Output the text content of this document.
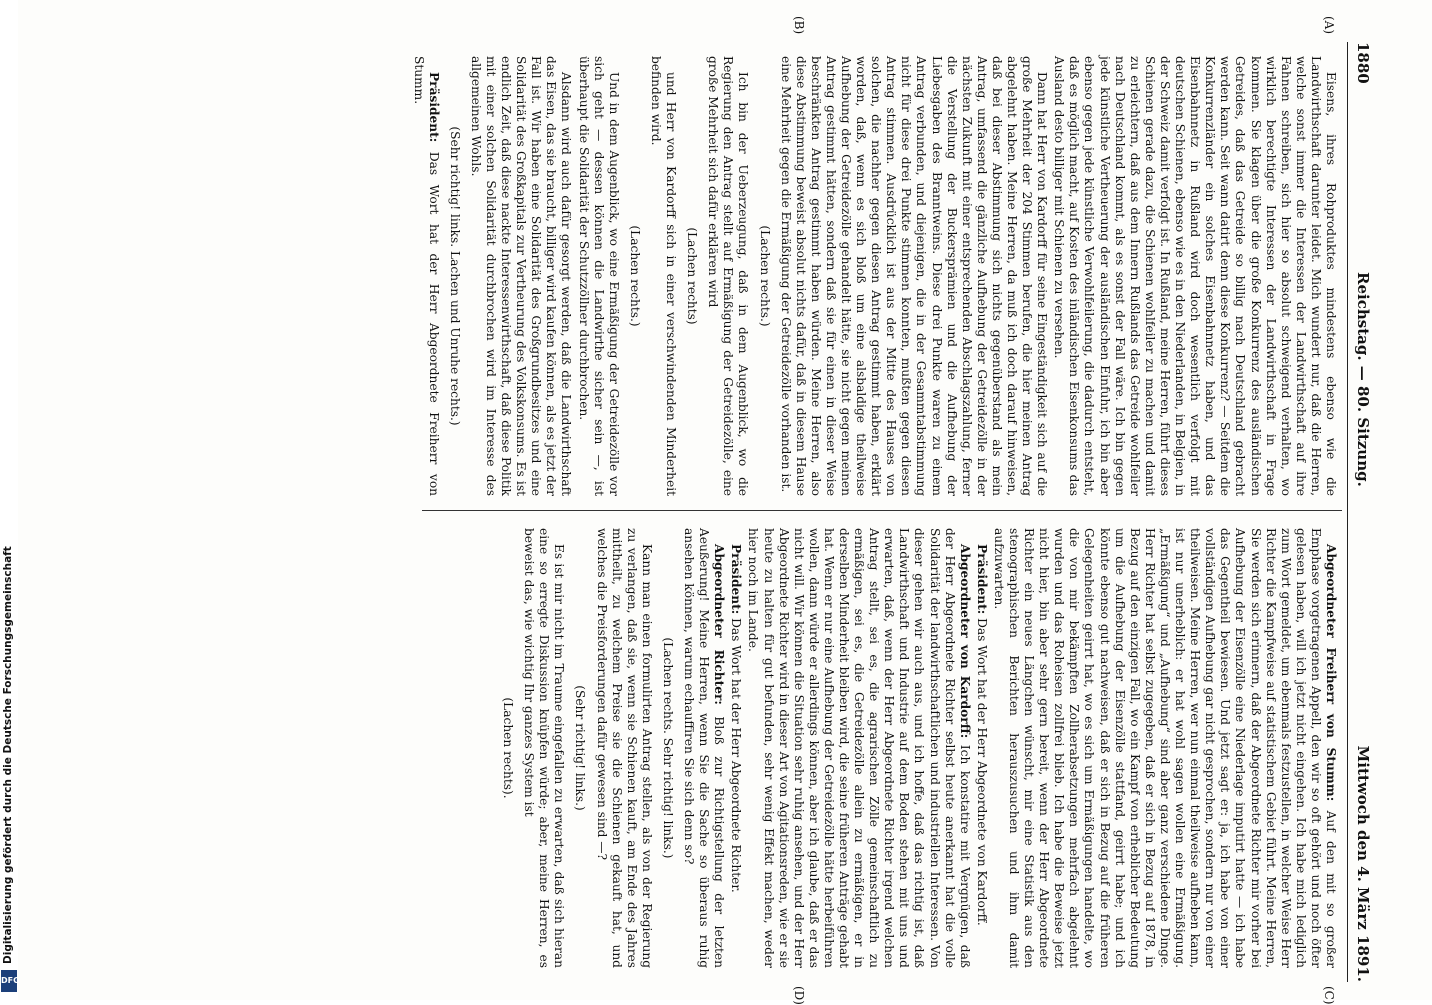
1880
Reichstag. — 80. Sitzung.
Mittwoch den 4. März 1891.
(A)
(B)
(C)
(D)

Eisens, ihres Rohproduktes mindestens ebenso wie die Landwirthschaft darunter leidet. Mich wundert nur, daß die Herren, welche sonst immer die Interessen der Landwirthschaft auf ihre Fahnen schreiben, sich hier so absolut schweigend verhalten, wo wirklich berechtigte Interessen der Landwirthschaft in Frage kommen. Sie klagen über die große Konkurrenz des ausländischen Getreides, daß das Getreide so billig nach Deutschland gebracht werden kann. Seit wann datirt denn diese Konkurrenz? — Seitdem die Konkurrenzländer ein solches Eisenbahnnetz haben, und das Eisenbahnnetz in Rußland wird doch wesentlich verfolgt mit deutschen Schienen, ebenso wie es in den Niederlanden, in Belgien, in der Schweiz damit verfolgt ist. In Rußland, meine Herren, führt dieses Schienen gerade dazu, die Schienen wohlfeiler zu machen und damit zu erleichtern, daß aus dem Innern Rußlands das Getreide wohlfeiler nach Deutschland kommt, als es sonst der Fall wäre. Ich bin gegen jede künstliche Vertheuerung der ausländischen Einfuhr, ich bin aber ebenso gegen jede künstliche Verwohlfeilerung, die dadurch entsteht, daß es möglich macht, auf Kosten des inländischen Eisenkonsums das Ausland desto billiger mit Schienen zu versehen.

Dann hat Herr von Kardorff für seine Eingeständigkeit sich auf die große Mehrheit der 204 Stimmen berufen, die hier meinen Antrag abgelehnt haben. Meine Herren, da muß ich doch darauf hinweisen, daß bei dieser Abstimmung sich nichts gegenüberstand als mein Antrag, umfassend die gänzliche Aufhebung der Getreidezölle in der nächsten Zukunft mit einer entsprechenden Abschlagszahlung, ferner die Verstellung der Buckersprämien und die Aufhebung der Liebesgaben des Branntweins. Diese drei Punkte waren zu einem Antrag verbunden, und diejenigen, die in der Gesammtabstimmung nicht für diese drei Punkte stimmen konnten, mußten gegen diesen Antrag stimmen. Ausdrücklich ist aus der Mitte des Hauses von solchen, die nachher gegen diesen Antrag gestimmt haben, erklärt worden, daß, wenn es sich bloß um eine alsbaldige theilweise Aufhebung der Getreidezölle gehandelt hätte, sie nicht gegen meinen Antrag gestimmt hätten, sondern daß sie für einen in dieser Weise beschränkten Antrag gestimmt haben würden. Meine Herren, also diese Abstimmung beweist absolut nichts dafür, daß in diesem Hause eine Mehrheit gegen die Ermäßigung der Getreidezölle vorhanden ist.

(Lachen rechts.)

Ich bin der Ueberzeugung, daß in dem Augenblick, wo die Regierung den Antrag stellt auf Ermäßigung der Getreidezölle, eine große Mehrheit sich dafür erklären wird

(Lachen rechts)

und Herr von Kardorff sich in einer verschwindenden Minderheit befinden wird.

(Lachen rechts.)

Und in dem Augenblick, wo eine Ermäßigung der Getreidezölle vor sich geht — dessen können die Landwirthe sicher sein —, ist überhaupt die Solidarität der Schutzzöllner durchbrochen.

Alsdann wird auch dafür gesorgt werden, daß die Landwirthschaft das Eisen, das sie braucht, billiger wird kaufen können, als es jetzt der Fall ist. Wir haben eine Solidarität des Großgrundbesitzes und eine Solidarität des Großkapitals zur Vertheurung des Volkskonsums. Es ist endlich Zeit, daß diese nackte Interessenwirthschaft, daß diese Politik mit einer solchen Solidarität durchbrochen wird im Interesse des allgemeinen Wohls.

(Sehr richtig! links. Lachen und Unruhe rechts.)

Präsident: Das Wort hat der Herr Abgeordnete Freiherr von Stumm.

Abgeordneter Freiherr von Stumm: Auf den mit so großer Emphase vorgetragenen Appell, den wir so oft gehört und noch öfter gelesen haben, will ich jetzt nicht eingehen. Ich habe mich lediglich zum Wort gemeldet, um ebenmals festzustellen, in welcher Weise Herr Richter die Kampfweise auf statistischem Gebiet führt. Meine Herren, Sie werden sich erinnern, daß der Abgeordnete Richter mir vorher bei Aufhebung der Eisenzölle eine Niederlage imputirt hatte — ich habe das Gegentheil bewiesen. Und jetzt sagt er: ja, ich habe von einer vollständigen Aufhebung gar nicht gesprochen, sondern nur von einer theilweisen. Meine Herren, wer nun einmal theilweise aufheben kann, ist nur unerheblich: er hat wohl sagen wollen eine Ermäßigung. „Ermäßigung“ und „Aufhebung“ sind aber ganz verschiedene Dinge. Herr Richter hat selbst zugegeben, daß er sich in Bezug auf 1878, in Bezug auf den einzigen Fall, wo ein Kampf von erheblicher Bedeutung um die Aufhebung der Eisenzölle stattfand, geirrt habe; und ich könnte ebenso gut nachweisen, daß er sich in Bezug auf die früheren Gelegenheiten geirrt hat, wo es sich um Ermäßigungen handelte, wo die von mir bekämpften Zollherabsetzungen mehrfach abgelehnt wurden und das Roheisen zollfrei blieb. Ich habe die Beweise jetzt nicht hier, bin aber sehr gern bereit, wenn der Herr Abgeordnete Richter ein neues Längchen wünscht, mir eine Statistik aus den stenographischen Berichten herauszusuchen und ihm damit aufzuwarten.

Präsident: Das Wort hat der Herr Abgeordnete von Kardorff.

Abgeordneter von Kardorff: Ich konstatire mit Vergnügen, daß der Herr Abgeordnete Richter selbst heute anerkannt hat die volle Solidarität der landwirthschaftlichen und industriellen Interessen. Von dieser gehen wir auch aus, und ich hoffe, daß das richtig ist, daß Landwirthschaft und Industrie auf dem Boden stehen mit uns und erwarten, daß, wenn der Herr Abgeordnete Richter irgend welchen Antrag stellt, sei es, die agrarischen Zölle gemeinschaftlich zu ermäßigen, sei es, die Getreidezölle allein zu ermäßigen, er in derselben Minderheit bleiben wird, die seine früheren Anträge gehabt hat. Wenn er nur eine Aufhebung der Getreidezölle hätte herbeiführen wollen, dann würde er allerdings können, aber ich glaube, daß er das nicht will. Wir können die Situation sehr ruhig ansehen, und der Herr Abgeordnete Richter wird in dieser Art von Agitationsreden, wie er sie heute zu halten für gut befunden, sehr wenig Effekt machen, weder hier noch im Lande.

Präsident: Das Wort hat der Herr Abgeordnete Richter.

Abgeordneter Richter: Bloß zur Richtigstellung der letzten Aeußerung! Meine Herren, wenn Sie die Sache so überaus ruhig ansehen können, warum echauffiren Sie sich denn so?

(Lachen rechts. Sehr richtig! links.)

Kann man einen formulirten Antrag stellen, als von der Regierung zu verlangen, daß sie, wenn sie Schienen kauft, am Ende des Jahres mittheilt, zu welchem Preise sie die Schienen gekauft hat, und welches die Preisforderungen dafür gewesen sind —?

(Sehr richtig! links.)

Es ist mir nicht im Traume eingefallen zu erwarten, daß sich hieran eine so erregte Diskussion knüpfen würde; aber, meine Herren, es beweist das, wie wichtig Ihr ganzes System ist

(Lachen rechts).

Digitalisierung gefördert durch die Deutsche Forschungsgemeinschaft
DFG
